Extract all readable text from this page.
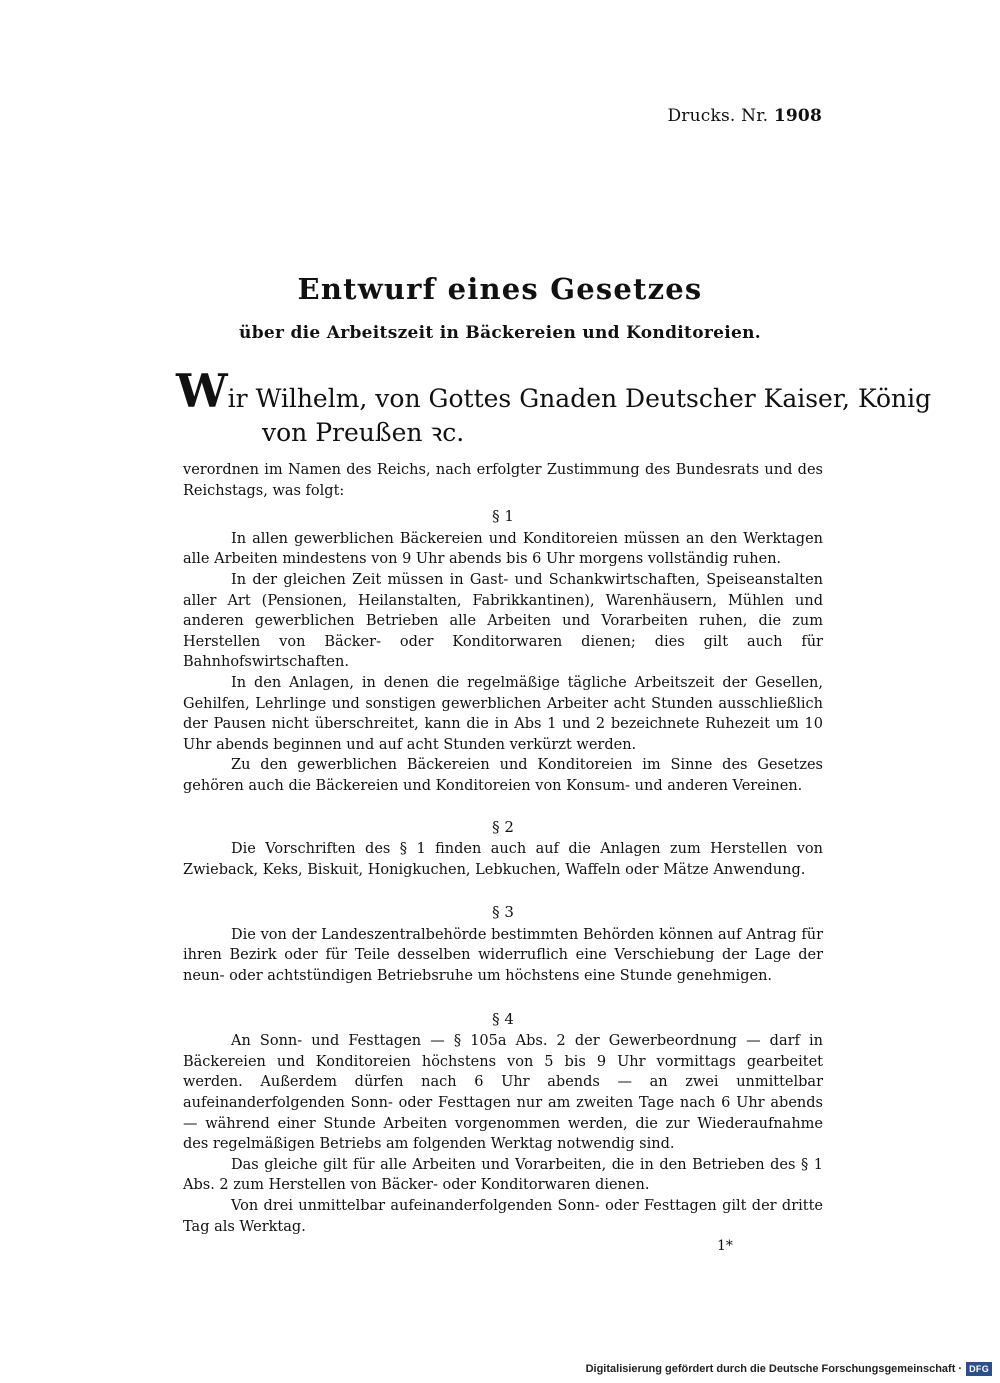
Drucks. Nr. 1908
Entwurf eines Gesetzes
über die Arbeitszeit in Bäckereien und Konditoreien.
Wir Wilhelm, von Gottes Gnaden Deutscher Kaiser, König
von Preußen ꝛc.

verordnen im Namen des Reichs, nach erfolgter Zustimmung des Bundesrats und des Reichstags, was folgt:

§ 1

In allen gewerblichen Bäckereien und Konditoreien müssen an den Werktagen alle Arbeiten mindestens von 9 Uhr abends bis 6 Uhr morgens vollständig ruhen.

In der gleichen Zeit müssen in Gast- und Schankwirtschaften, Speiseanstalten aller Art (Pensionen, Heilanstalten, Fabrikkantinen), Warenhäusern, Mühlen und anderen gewerblichen Betrieben alle Arbeiten und Vorarbeiten ruhen, die zum Herstellen von Bäcker- oder Konditorwaren dienen; dies gilt auch für Bahnhofswirtschaften.

In den Anlagen, in denen die regelmäßige tägliche Arbeitszeit der Gesellen, Gehilfen, Lehrlinge und sonstigen gewerblichen Arbeiter acht Stunden ausschließlich der Pausen nicht überschreitet, kann die in Abs 1 und 2 bezeichnete Ruhezeit um 10 Uhr abends beginnen und auf acht Stunden verkürzt werden.

Zu den gewerblichen Bäckereien und Konditoreien im Sinne des Gesetzes gehören auch die Bäckereien und Konditoreien von Konsum- und anderen Vereinen.

§ 2

Die Vorschriften des § 1 finden auch auf die Anlagen zum Herstellen von Zwieback, Keks, Biskuit, Honigkuchen, Lebkuchen, Waffeln oder Mätze Anwendung.

§ 3

Die von der Landeszentralbehörde bestimmten Behörden können auf Antrag für ihren Bezirk oder für Teile desselben widerruflich eine Verschiebung der Lage der neun- oder achtstündigen Betriebsruhe um höchstens eine Stunde genehmigen.

§ 4

An Sonn- und Festtagen — § 105a Abs. 2 der Gewerbeordnung — darf in Bäckereien und Konditoreien höchstens von 5 bis 9 Uhr vormittags gearbeitet werden. Außerdem dürfen nach 6 Uhr abends — an zwei unmittelbar aufeinanderfolgenden Sonn- oder Festtagen nur am zweiten Tage nach 6 Uhr abends — während einer Stunde Arbeiten vorgenommen werden, die zur Wiederaufnahme des regelmäßigen Betriebs am folgenden Werktag notwendig sind.

Das gleiche gilt für alle Arbeiten und Vorarbeiten, die in den Betrieben des § 1 Abs. 2 zum Herstellen von Bäcker- oder Konditorwaren dienen.

Von drei unmittelbar aufeinanderfolgenden Sonn- oder Festtagen gilt der dritte Tag als Werktag.

1*
Digitalisierung gefördert durch die Deutsche Forschungsgemeinschaft · DFG
